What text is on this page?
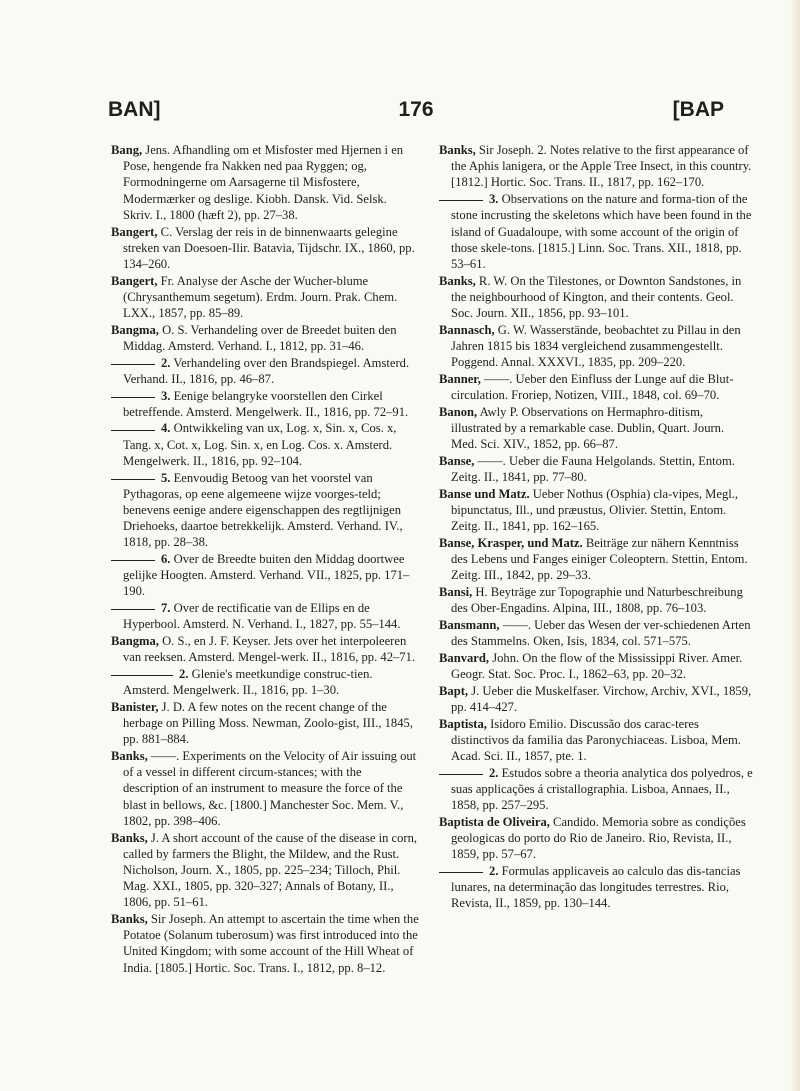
BAN]	176	[BAP

Bang, Jens. Afhandling om et Misfoster med Hjernen i en Pose, hengende fra Nakken ned paa Ryggen; og, Formodningerne om Aarsagerne til Misfostere, Modermærker og deslige. Kiobh. Dansk. Vid. Selsk. Skriv. I., 1800 (hæft 2), pp. 27–38.

Bangert, C. Verslag der reis in de binnenwaarts gelegine streken van Doesoen-Ilir. Batavia, Tijdschr. IX., 1860, pp. 134–260.

Bangert, Fr. Analyse der Asche der Wucher-blume (Chrysanthemum segetum). Erdm. Journ. Prak. Chem. LXX., 1857, pp. 85–89.

Bangma, O. S. Verhandeling over de Breedet buiten den Middag. Amsterd. Verhand. I., 1812, pp. 31–46.

2. Verhandeling over den Brandspiegel. Amsterd. Verhand. II., 1816, pp. 46–87.

3. Eenige belangryke voorstellen den Cirkel betreffende. Amsterd. Mengelwerk. II., 1816, pp. 72–91.

4. Ontwikkeling van ux, Log. x, Sin. x, Cos. x, Tang. x, Cot. x, Log. Sin. x, en Log. Cos. x. Amsterd. Mengelwerk. II., 1816, pp. 92–104.

5. Eenvoudig Betoog van het voorstel van Pythagoras, op eene algemeene wijze voorges-teld; benevens eenige andere eigenschappen des regtlijnigen Driehoeks, daartoe betrekkelijk. Amsterd. Verhand. IV., 1818, pp. 28–38.

6. Over de Breedte buiten den Middag doortwee gelijke Hoogten. Amsterd. Verhand. VII., 1825, pp. 171–190.

7. Over de rectificatie van de Ellips en de Hyperbool. Amsterd. N. Verhand. I., 1827, pp. 55–144.

Bangma, O. S., en J. F. Keyser. Jets over het interpoleeren van reeksen. Amsterd. Mengel-werk. II., 1816, pp. 42–71.

2. Glenie's meetkundige construc-tien. Amsterd. Mengelwerk. II., 1816, pp. 1–30.

Banister, J. D. A few notes on the recent change of the herbage on Pilling Moss. Newman, Zoolo-gist, III., 1845, pp. 881–884.

Banks, ——. Experiments on the Velocity of Air issuing out of a vessel in different circum-stances; with the description of an instrument to measure the force of the blast in bellows, &c. [1800.] Manchester Soc. Mem. V., 1802, pp. 398–406.

Banks, J. A short account of the cause of the disease in corn, called by farmers the Blight, the Mildew, and the Rust. Nicholson, Journ. X., 1805, pp. 225–234; Tilloch, Phil. Mag. XXI., 1805, pp. 320–327; Annals of Botany, II., 1806, pp. 51–61.

Banks, Sir Joseph. An attempt to ascertain the time when the Potatoe (Solanum tuberosum) was first introduced into the United Kingdom; with some account of the Hill Wheat of India. [1805.] Hortic. Soc. Trans. I., 1812, pp. 8–12.

Banks, Sir Joseph. 2. Notes relative to the first appearance of the Aphis lanigera, or the Apple Tree Insect, in this country. [1812.] Hortic. Soc. Trans. II., 1817, pp. 162–170.

3. Observations on the nature and forma-tion of the stone incrusting the skeletons which have been found in the island of Guadaloupe, with some account of the origin of those skele-tons. [1815.] Linn. Soc. Trans. XII., 1818, pp. 53–61.

Banks, R. W. On the Tilestones, or Downton Sandstones, in the neighbourhood of Kington, and their contents. Geol. Soc. Journ. XII., 1856, pp. 93–101.

Bannasch, G. W. Wasserstände, beobachtet zu Pillau in den Jahren 1815 bis 1834 vergleichend zusammengestellt. Poggend. Annal. XXXVI., 1835, pp. 209–220.

Banner, ——. Ueber den Einfluss der Lunge auf die Blut-circulation. Froriep, Notizen, VIII., 1848, col. 69–70.

Banon, Awly P. Observations on Hermaphro-ditism, illustrated by a remarkable case. Dublin, Quart. Journ. Med. Sci. XIV., 1852, pp. 66–87.

Banse, ——. Ueber die Fauna Helgolands. Stettin, Entom. Zeitg. II., 1841, pp. 77–80.

Banse und Matz. Ueber Nothus (Osphia) cla-vipes, Megl., bipunctatus, Ill., und præustus, Olivier. Stettin, Entom. Zeitg. II., 1841, pp. 162–165.

Banse, Krasper, und Matz. Beiträge zur nähern Kenntniss des Lebens und Fanges einiger Coleoptern. Stettin, Entom. Zeitg. III., 1842, pp. 29–33.

Bansi, H. Beyträge zur Topographie und Naturbeschreibung des Ober-Engadins. Alpina, III., 1808, pp. 76–103.

Bansmann, ——. Ueber das Wesen der ver-schiedenen Arten des Stammelns. Oken, Isis, 1834, col. 571–575.

Banvard, John. On the flow of the Mississippi River. Amer. Geogr. Stat. Soc. Proc. I., 1862–63, pp. 20–32.

Bapt, J. Ueber die Muskelfaser. Virchow, Archiv, XVI., 1859, pp. 414–427.

Baptista, Isidoro Emilio. Discussão dos carac-teres distinctivos da familia das Paronychiaceas. Lisboa, Mem. Acad. Sci. II., 1857, pte. 1.

2. Estudos sobre a theoria analytica dos polyedros, e suas applicações á cristallographia. Lisboa, Annaes, II., 1858, pp. 257–295.

Baptista de Oliveira, Candido. Memoria sobre as condições geologicas do porto do Rio de Janeiro. Rio, Revista, II., 1859, pp. 57–67.

2. Formulas applicaveis ao calculo das dis-tancias lunares, na determinação das longitudes terrestres. Rio, Revista, II., 1859, pp. 130–144.
